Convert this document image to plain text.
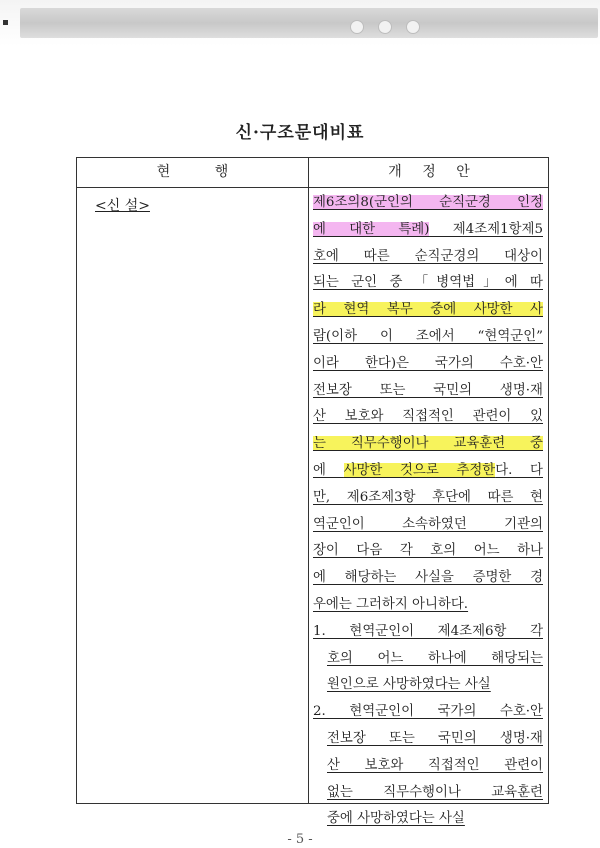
신·구조문대비표
현 행	개 정 안
<신 설>	제6조의8(군인의 순직군경 인정
에 대한 특례) 제4조제1항제5
호에 따른 순직군경의 대상이
되는 군인 중 「병역법」에 따
라 현역 복무 중에 사망한 사
람(이하 이 조에서 “현역군인”
이라 한다)은 국가의 수호·안
전보장 또는 국민의 생명·재
산 보호와 직접적인 관련이 있
는 직무수행이나 교육훈련 중
에 사망한 것으로 추정한다. 다
만, 제6조제3항 후단에 따른 현
역군인이 소속하였던 기관의
장이 다음 각 호의 어느 하나
에 해당하는 사실을 증명한 경
우에는 그러하지 아니하다.
1. 현역군인이 제4조제6항 각
호의 어느 하나에 해당되는
원인으로 사망하였다는 사실
2. 현역군인이 국가의 수호·안
전보장 또는 국민의 생명·재
산 보호와 직접적인 관련이
없는 직무수행이나 교육훈련
중에 사망하였다는 사실
- 5 -
